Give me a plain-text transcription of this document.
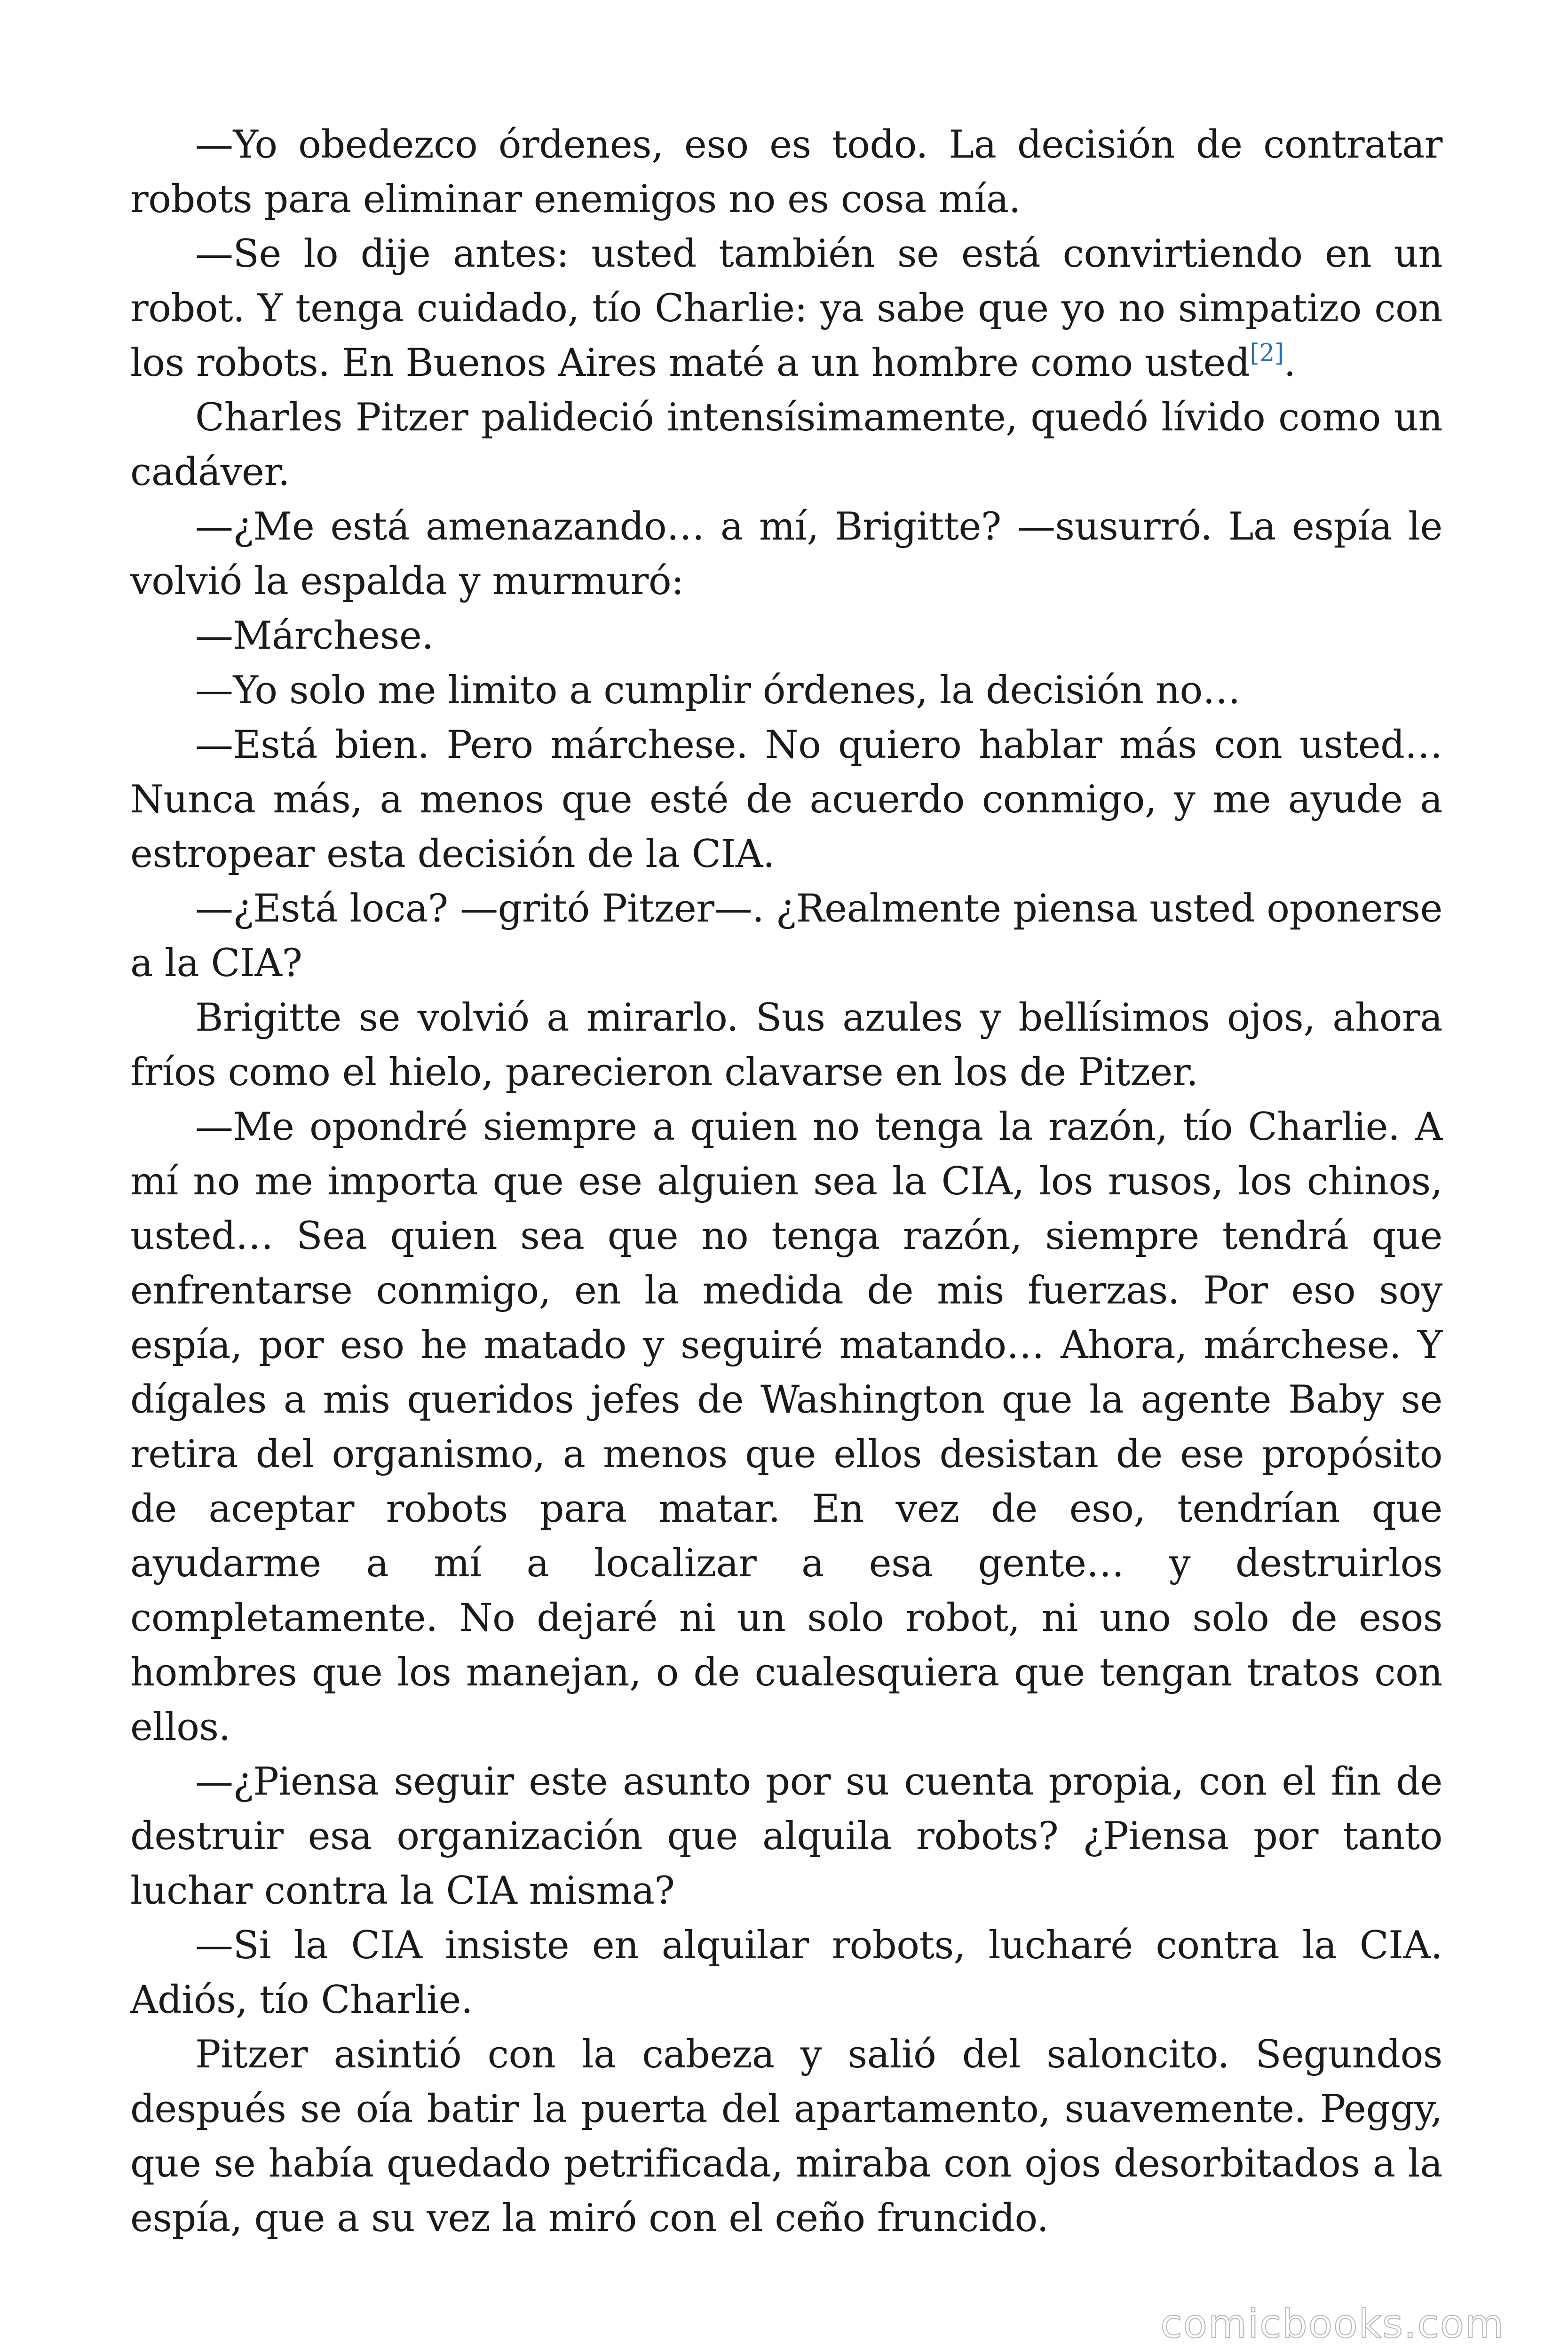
—Yo obedezco órdenes, eso es todo. La decisión de contratar robots para eliminar enemigos no es cosa mía.

—Se lo dije antes: usted también se está convirtiendo en un robot. Y tenga cuidado, tío Charlie: ya sabe que yo no simpatizo con los robots. En Buenos Aires maté a un hombre como usted[2].

Charles Pitzer palideció intensísimamente, quedó lívido como un cadáver.

—¿Me está amenazando… a mí, Brigitte? —susurró. La espía le volvió la espalda y murmuró:

—Márchese.

—Yo solo me limito a cumplir órdenes, la decisión no…

—Está bien. Pero márchese. No quiero hablar más con usted… Nunca más, a menos que esté de acuerdo conmigo, y me ayude a estropear esta decisión de la CIA.

—¿Está loca? —gritó Pitzer—. ¿Realmente piensa usted oponerse a la CIA?

Brigitte se volvió a mirarlo. Sus azules y bellísimos ojos, ahora fríos como el hielo, parecieron clavarse en los de Pitzer.

—Me opondré siempre a quien no tenga la razón, tío Charlie. A mí no me importa que ese alguien sea la CIA, los rusos, los chinos, usted… Sea quien sea que no tenga razón, siempre tendrá que enfrentarse conmigo, en la medida de mis fuerzas. Por eso soy espía, por eso he matado y seguiré matando… Ahora, márchese. Y dígales a mis queridos jefes de Washington que la agente Baby se retira del organismo, a menos que ellos desistan de ese propósito de aceptar robots para matar. En vez de eso, tendrían que ayudarme a mí a localizar a esa gente… y destruirlos completamente. No dejaré ni un solo robot, ni uno solo de esos hombres que los manejan, o de cualesquiera que tengan tratos con ellos.

—¿Piensa seguir este asunto por su cuenta propia, con el fin de destruir esa organización que alquila robots? ¿Piensa por tanto luchar contra la CIA misma?

—Si la CIA insiste en alquilar robots, lucharé contra la CIA. Adiós, tío Charlie.

Pitzer asintió con la cabeza y salió del saloncito. Segundos después se oía batir la puerta del apartamento, suavemente. Peggy, que se había quedado petrificada, miraba con ojos desorbitados a la espía, que a su vez la miró con el ceño fruncido.

comicbooks.com
